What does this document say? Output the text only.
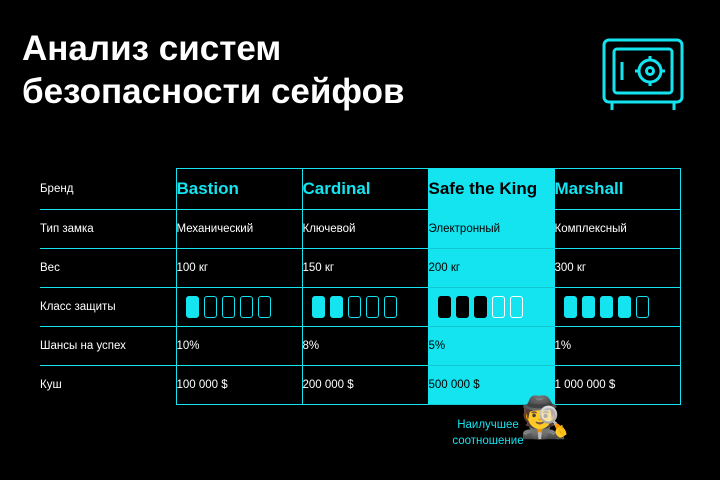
Анализ систем
безопасности сейфов
Бренд	Bastion	Cardinal	Safe the King	Marshall
Тип замка	Механический	Ключевой	Электронный	Комплексный
Вес	100 кг	150 кг	200 кг	300 кг
Класс защиты	

Шансы на успех	10%	8%	5%	1%
Куш	100 000 $	200 000 $	500 000 $	1 000 000 $
Наилучшее
соотношение
🕵️
